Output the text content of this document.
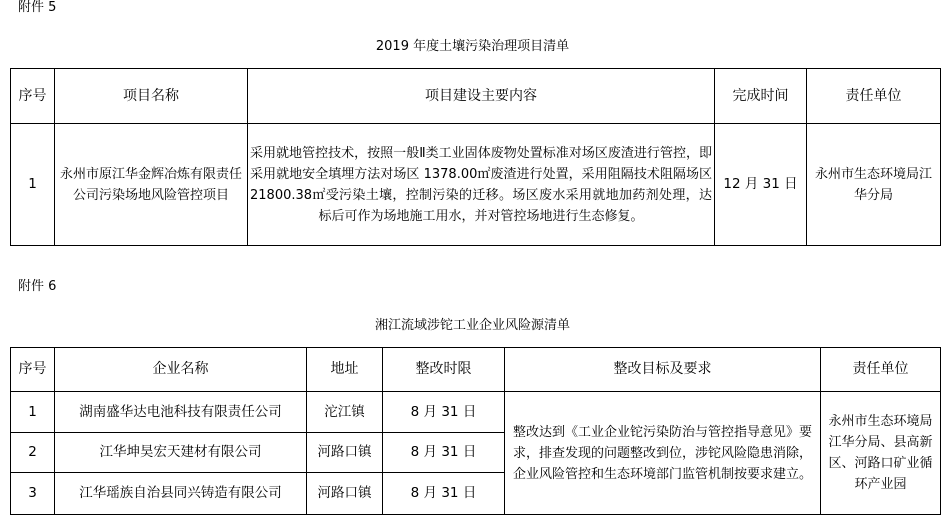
附件 5
2019 年度土壤污染治理项目清单
序号	项目名称	项目建设主要内容	完成时间	责任单位
1	永州市原江华金辉冶炼有限责任公司污染场地风险管控项目	采用就地管控技术，按照一般Ⅱ类工业固体废物处置标准对场区废渣进行管控，即采用就地安全填埋方法对场区 1378.00㎡废渣进行处置，采用阻隔技术阻隔场区 21800.38㎡受污染土壤，控制污染的迁移。场区废水采用就地加药剂处理，达标后可作为场地施工用水，并对管控场地进行生态修复。	12 月 31 日	永州市生态环境局江华分局
附件 6
湘江流域涉铊工业企业风险源清单
序号	企业名称	地址	整改时限	整改目标及要求	责任单位
1	湖南盛华达电池科技有限责任公司	沱江镇	8 月 31 日	整改达到《工业企业铊污染防治与管控指导意见》要求，排查发现的问题整改到位，涉铊风险隐患消除，企业风险管控和生态环境部门监管机制按要求建立。	永州市生态环境局江华分局、县高新区、河路口矿业循环产业园
2	江华坤昊宏天建材有限公司	河路口镇	8 月 31 日		
3	江华瑶族自治县同兴铸造有限公司	河路口镇	8 月 31 日		
